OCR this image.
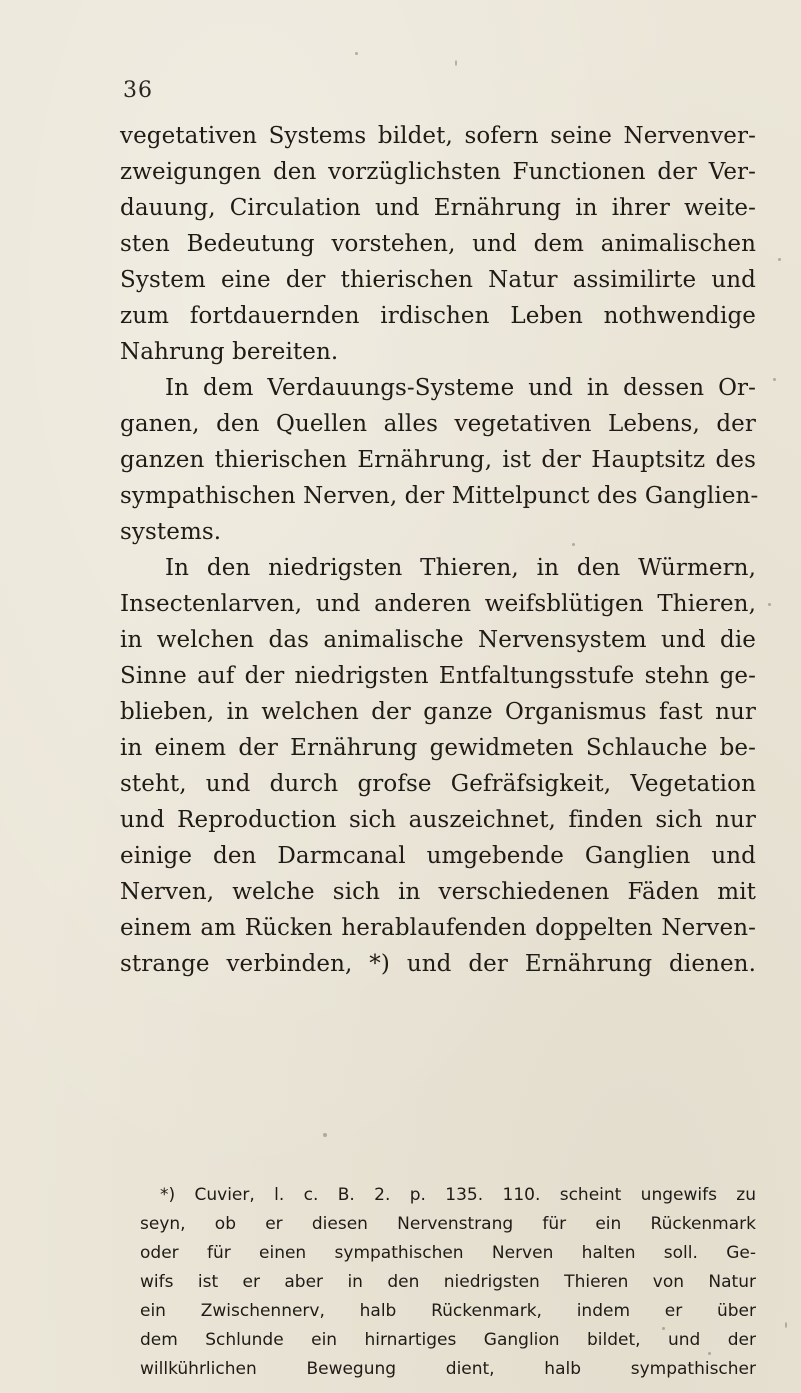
36
vegetativen Systems bildet, sofern seine Nervenver-
zweigungen den vorzüglichsten Functionen der Ver-
dauung, Circulation und Ernährung in ihrer weite-
sten Bedeutung vorstehen, und dem animalischen
System eine der thierischen Natur assimilirte und
zum fortdauernden irdischen Leben nothwendige
Nahrung bereiten.
In dem Verdauungs-Systeme und in dessen Or-
ganen, den Quellen alles vegetativen Lebens, der
ganzen thierischen Ernährung, ist der Hauptsitz des
sympathischen Nerven, der Mittelpunct des Ganglien-
systems.
In den niedrigsten Thieren, in den Würmern,
Insectenlarven, und anderen weifsblütigen Thieren,
in welchen das animalische Nervensystem und die
Sinne auf der niedrigsten Entfaltungsstufe stehn ge-
blieben, in welchen der ganze Organismus fast nur
in einem der Ernährung gewidmeten Schlauche be-
steht, und durch grofse Gefräfsigkeit, Vegetation
und Reproduction sich auszeichnet, finden sich nur
einige den Darmcanal umgebende Ganglien und
Nerven, welche sich in verschiedenen Fäden mit
einem am Rücken herablaufenden doppelten Nerven-
strange verbinden, *) und der Ernährung dienen.
*) Cuvier, l. c. B. 2. p. 135. 110. scheint ungewifs zu
seyn, ob er diesen Nervenstrang für ein Rückenmark
oder für einen sympathischen Nerven halten soll. Ge-
wifs ist er aber in den niedrigsten Thieren von Natur
ein Zwischennerv, halb Rückenmark, indem er über
dem Schlunde ein hirnartiges Ganglion bildet, und der
willkührlichen Bewegung dient, halb sympathischer
